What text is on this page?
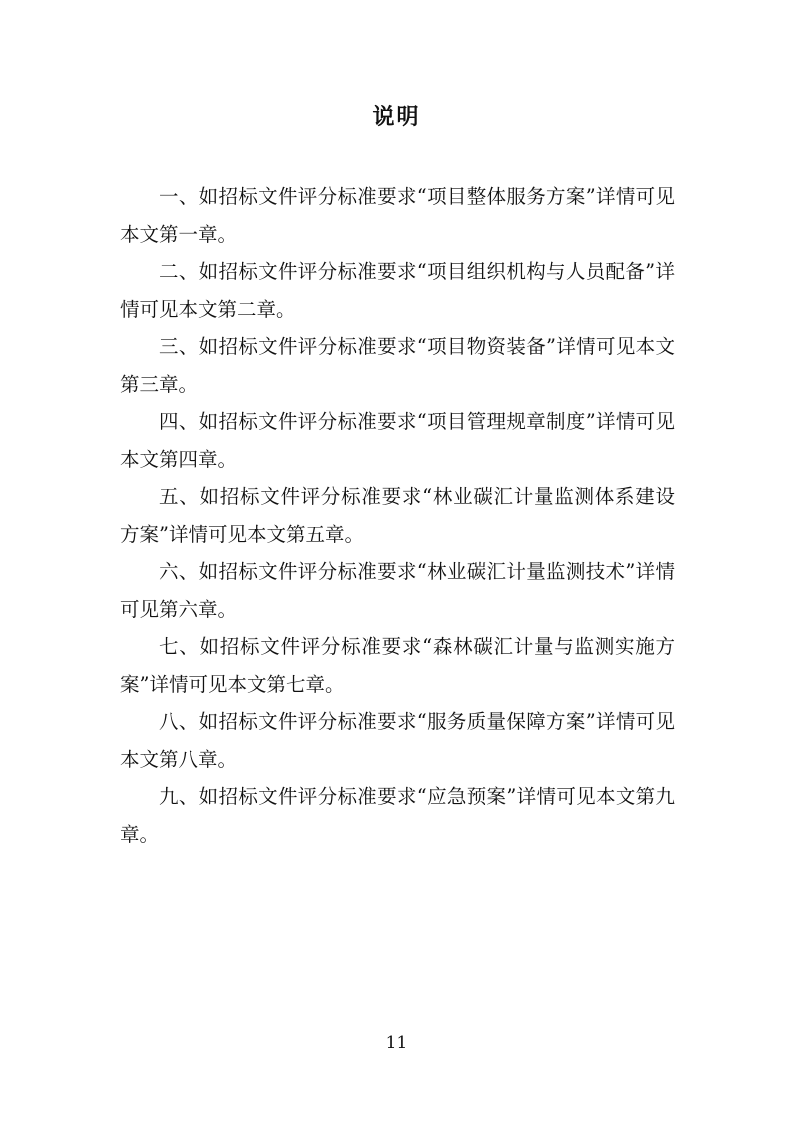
说明

一、如招标文件评分标准要求“项目整体服务方案”详情可见本文第一章。

二、如招标文件评分标准要求“项目组织机构与人员配备”详情可见本文第二章。

三、如招标文件评分标准要求“项目物资装备”详情可见本文第三章。

四、如招标文件评分标准要求“项目管理规章制度”详情可见本文第四章。

五、如招标文件评分标准要求“林业碳汇计量监测体系建设方案”详情可见本文第五章。

六、如招标文件评分标准要求“林业碳汇计量监测技术”详情可见第六章。

七、如招标文件评分标准要求“森林碳汇计量与监测实施方案”详情可见本文第七章。

八、如招标文件评分标准要求“服务质量保障方案”详情可见本文第八章。

九、如招标文件评分标准要求“应急预案”详情可见本文第九章。

11
